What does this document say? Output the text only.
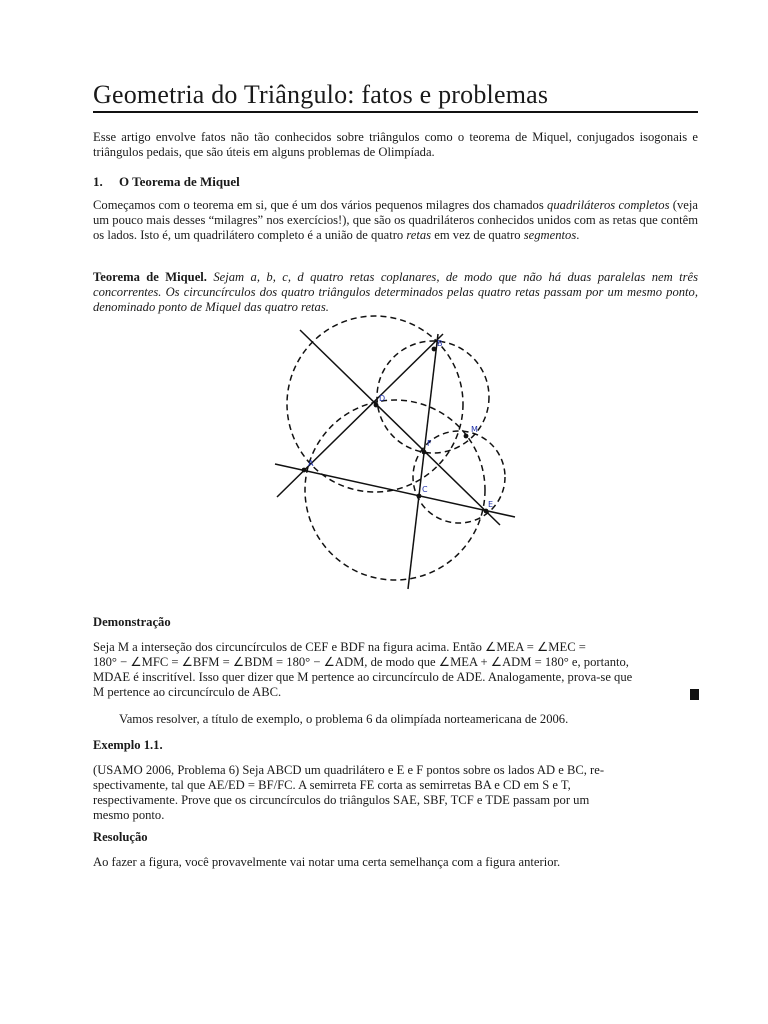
Geometria do Triângulo: fatos e problemas
Esse artigo envolve fatos não tão conhecidos sobre triângulos como o teorema de Miquel, conjugados isogonais e triângulos pedais, que são úteis em alguns problemas de Olimpíada.
1. O Teorema de Miquel
Começamos com o teorema em si, que é um dos vários pequenos milagres dos chamados quadriláteros completos (veja um pouco mais desses “milagres” nos exercícios!), que são os quadriláteros conhecidos unidos com as retas que contêm os lados. Isto é, um quadrilátero completo é a união de quatro retas em vez de quatro segmentos.
Teorema de Miquel. Sejam a, b, c, d quatro retas coplanares, de modo que não há duas paralelas nem três concorrentes. Os circuncírculos dos quatro triângulos determinados pelas quatro retas passam por um mesmo ponto, denominado ponto de Miquel das quatro retas.
Demonstração
Seja M a interseção dos circuncírculos de CEF e BDF na figura acima. Então ∠MEA = ∠MEC =
180° − ∠MFC = ∠BFM = ∠BDM = 180° − ∠ADM, de modo que ∠MEA + ∠ADM = 180° e, portanto,
MDAE é inscritível. Isso quer dizer que M pertence ao circuncírculo de ADE. Analogamente, prova-se que
M pertence ao circuncírculo de ABC.
Vamos resolver, a título de exemplo, o problema 6 da olimpíada norteamericana de 2006.
Exemplo 1.1.
(USAMO 2006, Problema 6) Seja ABCD um quadrilátero e E e F pontos sobre os lados AD e BC, re-
spectivamente, tal que AE/ED = BF/FC. A semirreta FE corta as semirretas BA e CD em S e T,
respectivamente. Prove que os circuncírculos do triângulos SAE, SBF, TCF e TDE passam por um
mesmo ponto.
Resolução
Ao fazer a figura, você provavelmente vai notar uma certa semelhança com a figura anterior.
A
B
C
D
E
F
M
